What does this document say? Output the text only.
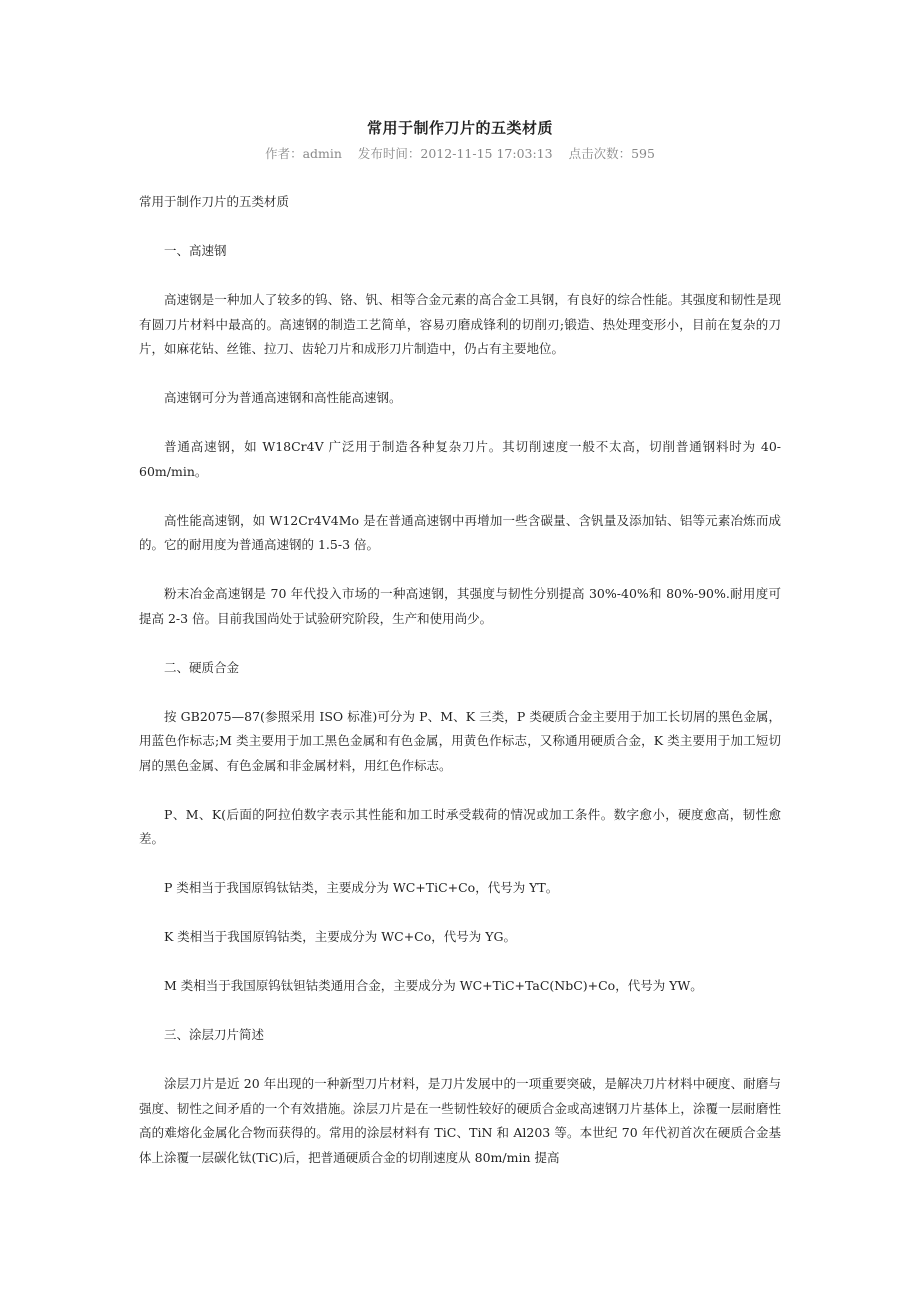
常用于制作刀片的五类材质
作者：admin 发布时间：2012-11-15 17:03:13 点击次数：595

常用于制作刀片的五类材质

一、高速钢

高速钢是一种加人了较多的钨、铬、钒、相等合金元素的高合金工具钢，有良好的综合性能。其强度和韧性是现有圆刀片材料中最高的。高速钢的制造工艺简单，容易刃磨成锋利的切削刃;锻造、热处理变形小，目前在复杂的刀片，如麻花钻、丝锥、拉刀、齿轮刀片和成形刀片制造中，仍占有主要地位。

高速钢可分为普通高速钢和高性能高速钢。

普通高速钢，如 W18Cr4V 广泛用于制造各种复杂刀片。其切削速度一般不太高，切削普通钢料时为 40-60m/min。

高性能高速钢，如 W12Cr4V4Mo 是在普通高速钢中再增加一些含碳量、含钒量及添加钴、铝等元素冶炼而成的。它的耐用度为普通高速钢的 1.5-3 倍。

粉末冶金高速钢是 70 年代投入市场的一种高速钢，其强度与韧性分别提高 30%-40%和 80%-90%.耐用度可提高 2-3 倍。目前我国尚处于试验研究阶段，生产和使用尚少。

二、硬质合金

按 GB2075—87(参照采用 ISO 标准)可分为 P、M、K 三类，P 类硬质合金主要用于加工长切屑的黑色金属，用蓝色作标志;M 类主要用于加工黑色金属和有色金属，用黄色作标志，又称通用硬质合金，K 类主要用于加工短切屑的黑色金属、有色金属和非金属材料，用红色作标志。

P、M、K(后面的阿拉伯数字表示其性能和加工时承受载荷的情况或加工条件。数字愈小，硬度愈高，韧性愈差。

P 类相当于我国原钨钛钴类，主要成分为 WC+TiC+Co，代号为 YT。

K 类相当于我国原钨钴类，主要成分为 WC+Co，代号为 YG。

M 类相当于我国原钨钛钽钴类通用合金，主要成分为 WC+TiC+TaC(NbC)+Co，代号为 YW。

三、涂层刀片简述

涂层刀片是近 20 年出现的一种新型刀片材料，是刀片发展中的一项重要突破，是解决刀片材料中硬度、耐磨与强度、韧性之间矛盾的一个有效措施。涂层刀片是在一些韧性较好的硬质合金或高速钢刀片基体上，涂覆一层耐磨性高的难熔化金属化合物而获得的。常用的涂层材料有 TiC、TiN 和 Al203 等。本世纪 70 年代初首次在硬质合金基体上涂覆一层碳化钛(TiC)后，把普通硬质合金的切削速度从 80m/min 提高
